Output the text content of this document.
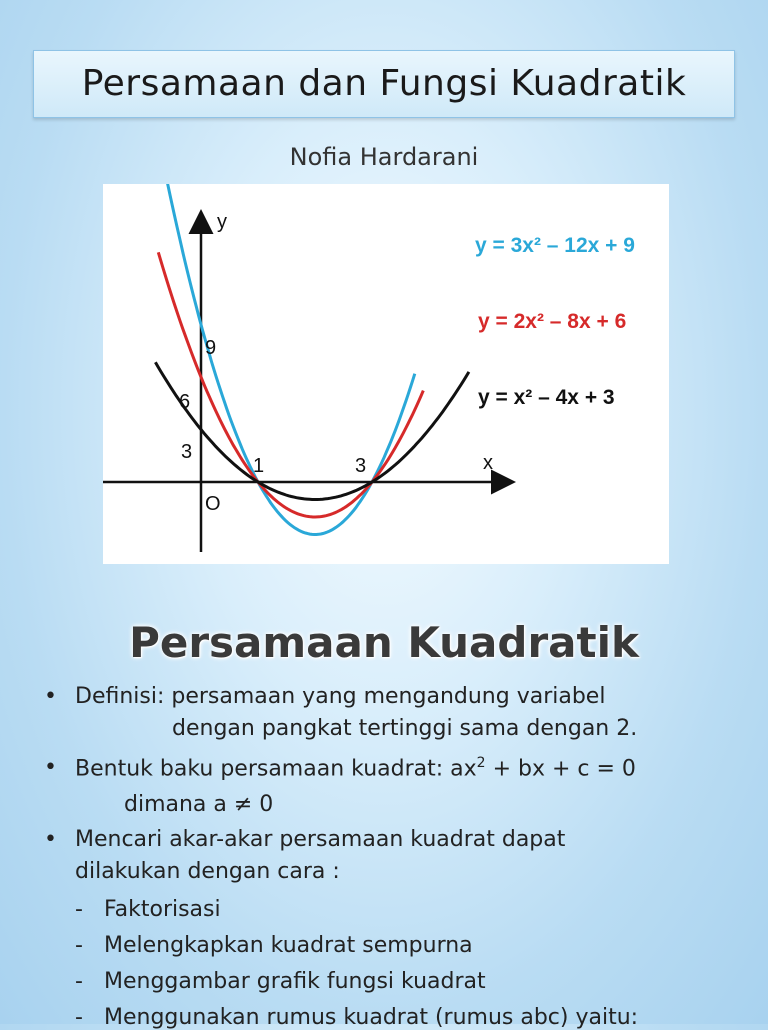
Persamaan dan Fungsi Kuadratik
Nofia Hardarani
y
x
O
9
6
3
1	3
y = 3x² – 12x + 9
y = 2x² – 8x + 6
y = x² – 4x + 3
Persamaan Kuadratik
• Definisi: persamaan yang mengandung variabel
dengan pangkat tertinggi sama dengan 2.
• Bentuk baku persamaan kuadrat: $ax^2$ + bx + c = 0
dimana a ≠ 0
• Mencari akar-akar persamaan kuadrat dapat
dilakukan dengan cara :
- Faktorisasi
- Melengkapkan kuadrat sempurna
- Menggambar grafik fungsi kuadrat
- Menggunakan rumus kuadrat (rumus abc) yaitu:
